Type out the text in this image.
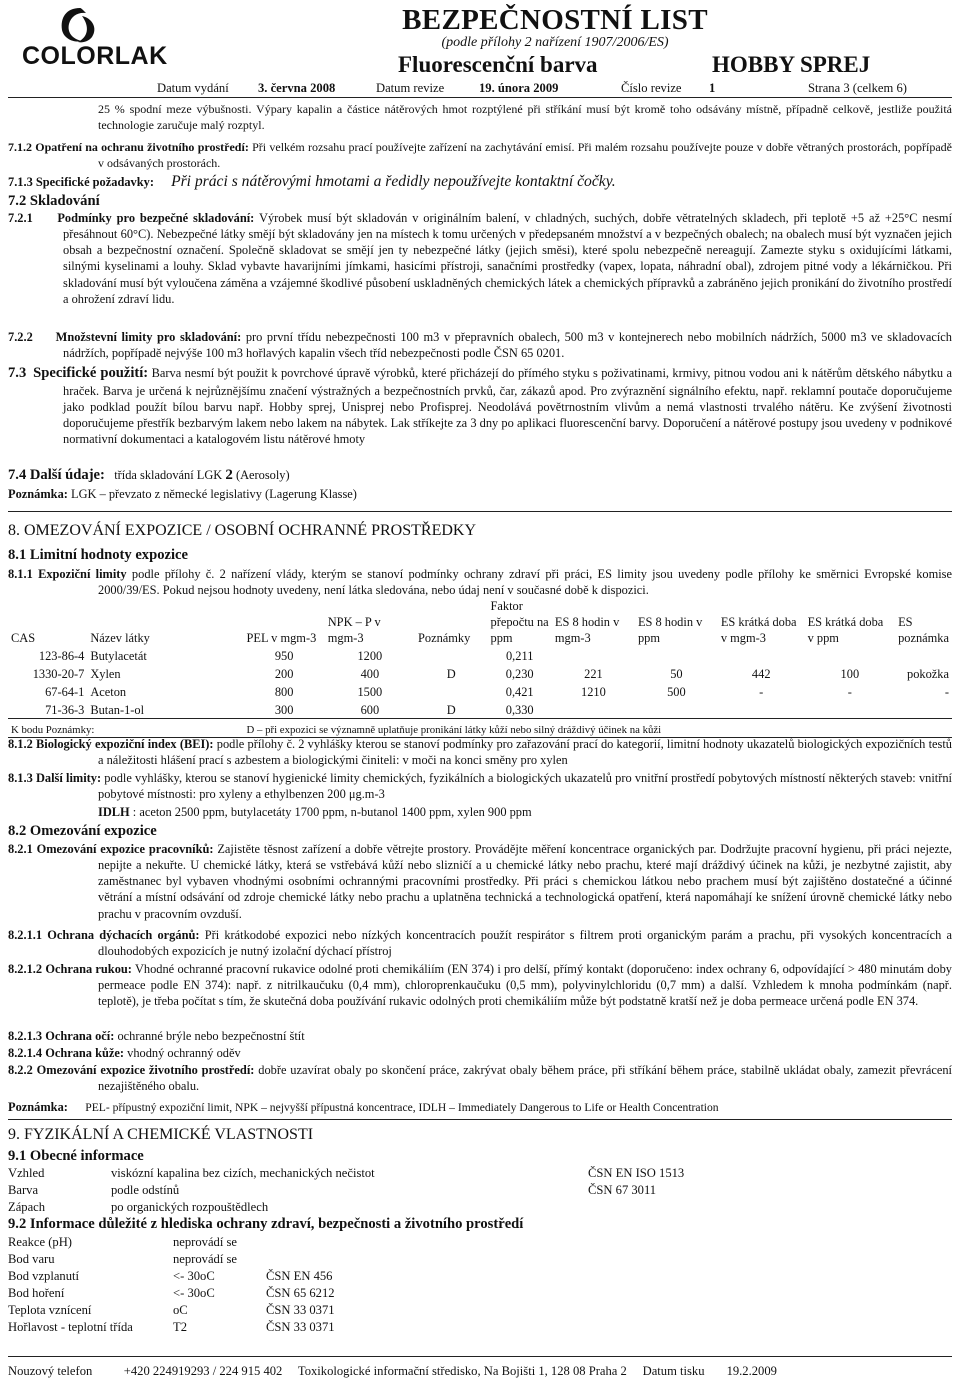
COLORLAK
BEZPEČNOSTNÍ LIST
(podle přílohy 2 nařízení 1907/2006/ES)
Fluorescenční barva	HOBBY SPREJ
Datum vydání 3. června 2008	Datum revize	19. února 2009	Číslo revize 1	Strana 3 (celkem 6)

25 % spodní meze výbušnosti. Výpary kapalin a částice nátěrových hmot rozptýlené při stříkání musí být kromě toho odsávány místně, případně celkově, jestliže použitá technologie zaručuje malý rozptyl.

7.1.2 Opatření na ochranu životního prostředí: Při velkém rozsahu prací používejte zařízení na zachytávání emisí. Při malém rozsahu používejte pouze v dobře větraných prostorách, popřípadě v odsávaných prostorách.

7.1.3 Specifické požadavky: Při práci s nátěrovými hmotami a ředidly nepoužívejte kontaktní čočky.
7.2 Skladování

7.2.1 Podmínky pro bezpečné skladování: Výrobek musí být skladován v originálním balení, v chladných, suchých, dobře větratelných skladech, při teplotě +5 až +25°C nesmí přesáhnout 60°C). Nebezpečné látky smějí být skladovány jen na místech k tomu určených v předepsaném množství a v bezpečných obalech; na obalech musí být vyznačen jejich obsah a bezpečnostní označení. Společně skladovat se smějí jen ty nebezpečné látky (jejich směsi), které spolu nebezpečně nereagují. Zamezte styku s oxidujícími látkami, silnými kyselinami a louhy. Sklad vybavte havarijními jímkami, hasicími přístroji, sanačními prostředky (vapex, lopata, náhradní obal), zdrojem pitné vody a lékárničkou. Při skladování musí být vyloučena záměna a vzájemné škodlivé působení uskladněných chemických látek a chemických přípravků a zabráněno jejich pronikání do životního prostředí a ohrožení zdraví lidu.

7.2.2 Množstevní limity pro skladování: pro první třídu nebezpečnosti 100 m3 v přepravních obalech, 500 m3 v kontejnerech nebo mobilních nádržích, 5000 m3 ve skladovacích nádržích, popřípadě nejvýše 100 m3 hořlavých kapalin všech tříd nebezpečnosti podle ČSN 65 0201.

7.3 Specifické použití: Barva nesmí být použit k povrchové úpravě výrobků, které přicházejí do přímého styku s poživatinami, krmivy, pitnou vodou ani k nátěrům dětského nábytku a hraček. Barva je určená k nejrůznějšímu značení výstražných a bezpečnostních prvků, čar, zákazů apod. Pro zvýraznění signálního efektu, např. reklamní poutače doporučujeme jako podklad použít bílou barvu např. Hobby sprej, Unisprej nebo Profisprej. Neodolává povětrnostním vlivům a nemá vlastnosti trvalého nátěru. Ke zvýšení životnosti doporučujeme přestřík bezbarvým lakem nebo lakem na nábytek. Lak stříkejte za 3 dny po aplikaci fluorescenční barvy. Doporučení a nátěrové postupy jsou uvedeny v podnikové normativní dokumentaci a katalogovém listu nátěrové hmoty

7.4 Další údaje: třída skladování LGK 2 (Aerosoly)
Poznámka: LGK – převzato z německé legislativy (Lagerung Klasse)
8. OMEZOVÁNÍ EXPOZICE / OSOBNÍ OCHRANNÉ PROSTŘEDKY
8.1 Limitní hodnoty expozice

8.1.1 Expoziční limity podle přílohy č. 2 nařízení vlády, kterým se stanoví podmínky ochrany zdraví při práci, ES limity jsou uvedeny podle přílohy ke směrnici Evropské komise 2000/39/ES. Pokud nejsou hodnoty uvedeny, není látka sledována, nebo údaj není v současné době k dispozici.

CAS	Název látky	PEL v mgm-3	NPK – P v mgm-3	Poznámky	Faktor přepočtu na ppm	ES 8 hodin v mgm-3	ES 8 hodin v ppm	ES krátká doba v mgm-3	ES krátká doba v ppm	ES poznámka
123-86-4	Butylacetát	950	1200		0,211					
1330-20-7	Xylen	200	400	D	0,230	221	50	442	100	pokožka
67-64-1	Aceton	800	1500		0,421	1210	500	-	-	-
71-36-3	Butan-1-ol	300	600	D	0,330					
K bodu Poznámky:		D – při expozici se významně uplatňuje pronikání látky kůží nebo silný dráždivý účinek na kůži								

8.1.2 Biologický expoziční index (BEI): podle přílohy č. 2 vyhlášky kterou se stanoví podmínky pro zařazování prací do kategorií, limitní hodnoty ukazatelů biologických expozičních testů a náležitosti hlášení prací s azbestem a biologickými činiteli: v moči na konci směny pro xylen

8.1.3 Další limity: podle vyhlášky, kterou se stanoví hygienické limity chemických, fyzikálních a biologických ukazatelů pro vnitřní prostředí pobytových místností některých staveb: vnitřní pobytové místnosti: pro xyleny a ethylbenzen 200 μg.m-3

IDLH : aceton 2500 ppm, butylacetáty 1700 ppm, n-butanol 1400 ppm, xylen 900 ppm
8.2 Omezování expozice

8.2.1 Omezování expozice pracovníků: Zajistěte těsnost zařízení a dobře větrejte prostory. Provádějte měření koncentrace organických par. Dodržujte pracovní hygienu, při práci nejezte, nepijte a nekuřte. U chemické látky, která se vstřebává kůží nebo slizničí a u chemické látky nebo prachu, které mají dráždivý účinek na kůži, je nezbytné zajistit, aby zaměstnanec byl vybaven vhodnými osobními ochrannými pracovními prostředky. Při práci s chemickou látkou nebo prachem musí být zajištěno dostatečné a účinné větrání a místní odsávání od zdroje chemické látky nebo prachu a uplatněna technická a technologická opatření, která napomáhají ke snížení úrovně chemické látky nebo prachu v pracovním ovzduší.

8.2.1.1 Ochrana dýchacích orgánů: Při krátkodobé expozici nebo nízkých koncentracích použít respirátor s filtrem proti organickým parám a prachu, při vysokých koncentracích a dlouhodobých expozicích je nutný izolační dýchací přístroj

8.2.1.2 Ochrana rukou: Vhodné ochranné pracovní rukavice odolné proti chemikáliím (EN 374) i pro delší, přímý kontakt (doporučeno: index ochrany 6, odpovídající > 480 minutám doby permeace podle EN 374): např. z nitrilkaučuku (0,4 mm), chloroprenkaučuku (0,5 mm), polyvinylchloridu (0,7 mm) a další. Vzhledem k mnoha podmínkám (např. teplotě), je třeba počítat s tím, že skutečná doba používání rukavic odolných proti chemikáliím může být podstatně kratší než je doba permeace určená podle EN 374.

8.2.1.3 Ochrana očí: ochranné brýle nebo bezpečnostní štít
8.2.1.4 Ochrana kůže: vhodný ochranný oděv

8.2.2 Omezování expozice životního prostředí: dobře uzavírat obaly po skončení práce, zakrývat obaly během práce, při stříkání během práce, stabilně ukládat obaly, zamezit převrácení nezajištěného obalu.

Poznámka: PEL- přípustný expoziční limit, NPK – nejvyšší přípustná koncentrace, IDLH – Immediately Dangerous to Life or Health Concentration
9. FYZIKÁLNÍ A CHEMICKÉ VLASTNOSTI
9.1 Obecné informace
Vzhled	viskózní kapalina bez cizích, mechanických nečistot	ČSN EN ISO 1513
Barva	podle odstínů	ČSN 67 3011
Zápach	po organických rozpouštědlech
9.2 Informace důležité z hlediska ochrany zdraví, bezpečnosti a životního prostředí
Reakce (pH)	neprovádí se
Bod varu	neprovádí se
Bod vzplanutí	<- 30oC	ČSN EN 456
Bod hoření	<- 30oC	ČSN 65 6212
Teplota vznícení	oC	ČSN 33 0371
Hořlavost - teplotní třída	T2	ČSN 33 0371
Nouzový telefon +420 224919293 / 224 915 402 Toxikologické informační středisko, Na Bojišti 1, 128 08 Praha 2 Datum tisku 19.2.2009
